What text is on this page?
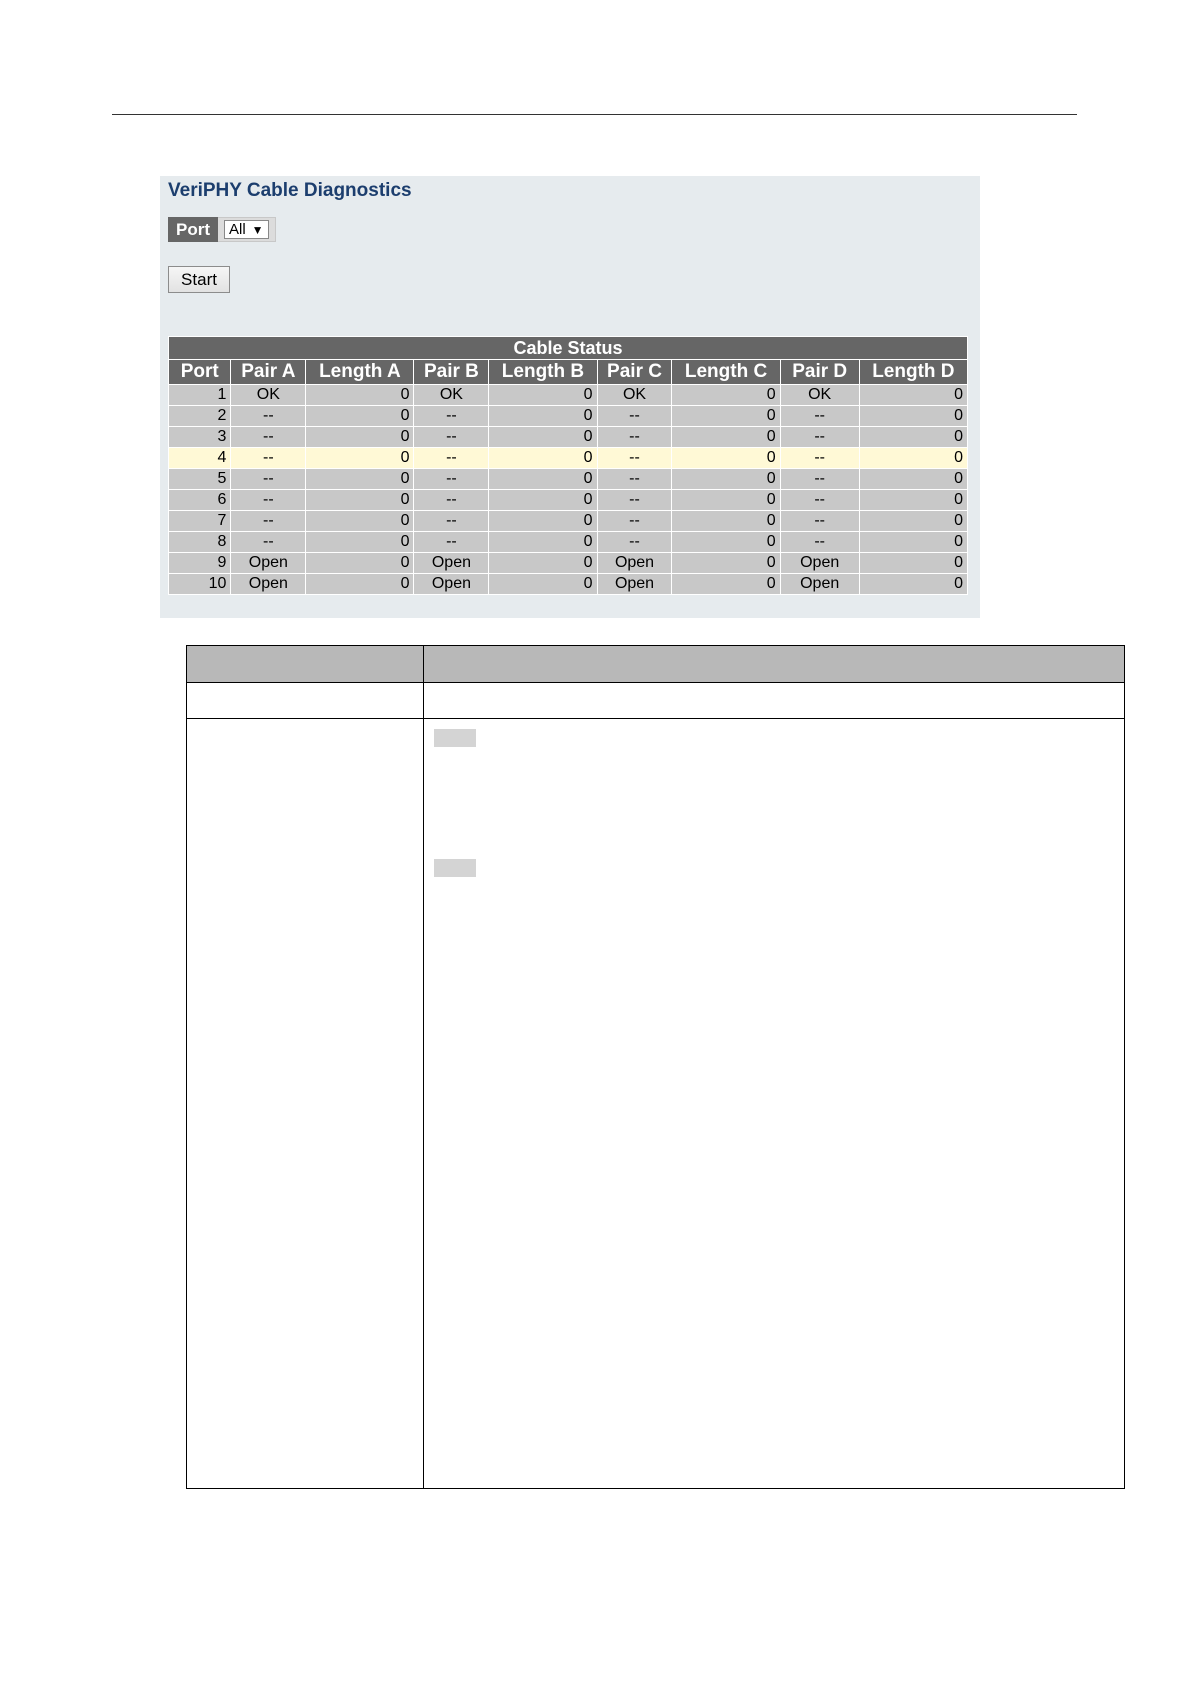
VeriPHY Cable Diagnostics
Port	All ▼
Start
Cable Status								
Port	Pair A	Length A	Pair B	Length B	Pair C	Length C	Pair D	Length D
1	OK	0	OK	0	OK	0	OK	0
2	--	0	--	0	--	0	--	0
3	--	0	--	0	--	0	--	0
4	--	0	--	0	--	0	--	0
5	--	0	--	0	--	0	--	0
6	--	0	--	0	--	0	--	0
7	--	0	--	0	--	0	--	0
8	--	0	--	0	--	0	--	0
9	Open	0	Open	0	Open	0	Open	0
10	Open	0	Open	0	Open	0	Open	0
